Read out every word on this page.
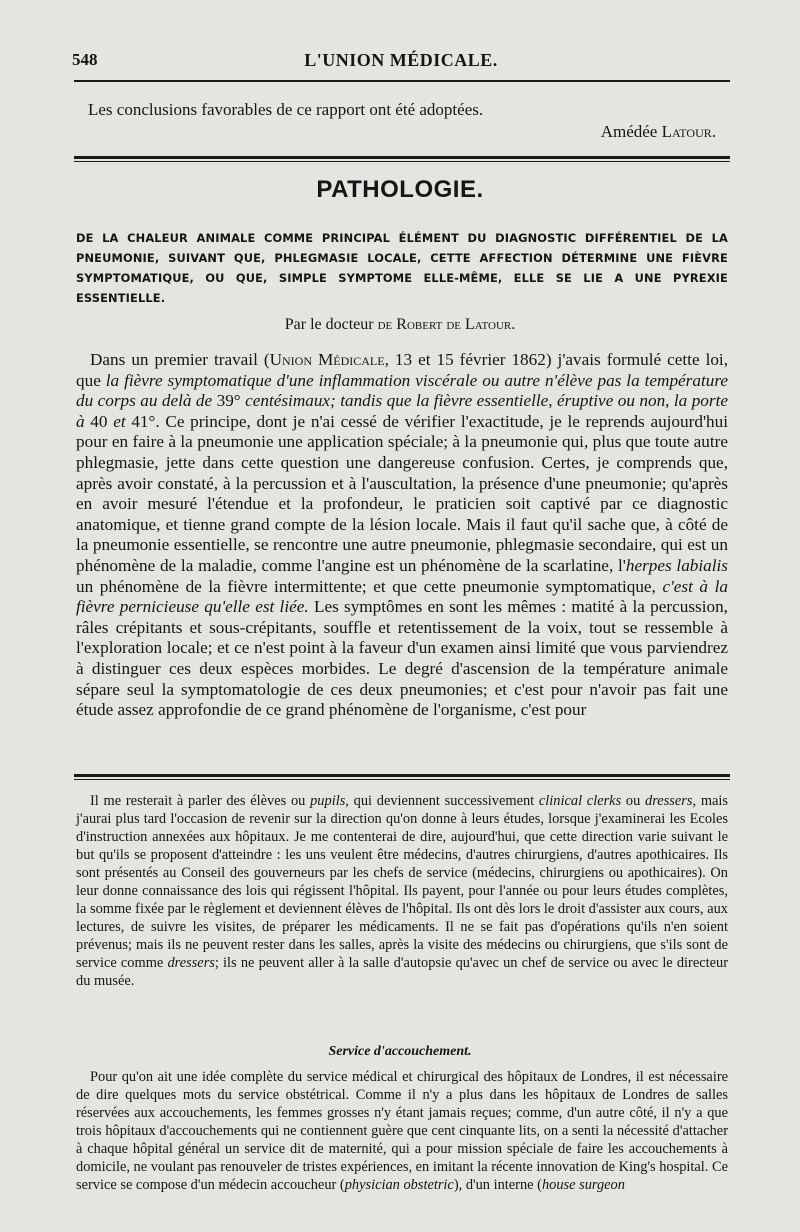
548	L'UNION MÉDICALE.

Les conclusions favorables de ce rapport ont été adoptées.

Amédée Latour.
PATHOLOGIE.

DE LA CHALEUR ANIMALE COMME PRINCIPAL ÉLÉMENT DU DIAGNOSTIC DIFFÉRENTIEL DE LA PNEUMONIE, SUIVANT QUE, PHLEGMASIE LOCALE, CETTE AFFECTION DÉTERMINE UNE FIÈVRE SYMPTOMATIQUE, OU QUE, SIMPLE SYMPTOME ELLE-MÊME, ELLE SE LIE A UNE PYREXIE ESSENTIELLE.

Par le docteur de Robert de Latour.

Dans un premier travail (Union Médicale, 13 et 15 février 1862) j'avais formulé cette loi, que la fièvre symptomatique d'une inflammation viscérale ou autre n'élève pas la température du corps au delà de 39° centésimaux; tandis que la fièvre essentielle, éruptive ou non, la porte à 40 et 41°. Ce principe, dont je n'ai cessé de vérifier l'exactitude, je le reprends aujourd'hui pour en faire à la pneumonie une application spéciale; à la pneumonie qui, plus que toute autre phlegmasie, jette dans cette question une dangereuse confusion. Certes, je comprends que, après avoir constaté, à la percussion et à l'auscultation, la présence d'une pneumonie; qu'après en avoir mesuré l'étendue et la profondeur, le praticien soit captivé par ce diagnostic anatomique, et tienne grand compte de la lésion locale. Mais il faut qu'il sache que, à côté de la pneumonie essentielle, se rencontre une autre pneumonie, phlegmasie secondaire, qui est un phénomène de la maladie, comme l'angine est un phénomène de la scarlatine, l'herpes labialis un phénomène de la fièvre intermittente; et que cette pneumonie symptomatique, c'est à la fièvre pernicieuse qu'elle est liée. Les symptômes en sont les mêmes : matité à la percussion, râles crépitants et sous-crépitants, souffle et retentissement de la voix, tout se ressemble à l'exploration locale; et ce n'est point à la faveur d'un examen ainsi limité que vous parviendrez à distinguer ces deux espèces morbides. Le degré d'ascension de la température animale sépare seul la symptomatologie de ces deux pneumonies; et c'est pour n'avoir pas fait une étude assez approfondie de ce grand phénomène de l'organisme, c'est pour

Il me resterait à parler des élèves ou pupils, qui deviennent successivement clinical clerks ou dressers, mais j'aurai plus tard l'occasion de revenir sur la direction qu'on donne à leurs études, lorsque j'examinerai les Ecoles d'instruction annexées aux hôpitaux. Je me contenterai de dire, aujourd'hui, que cette direction varie suivant le but qu'ils se proposent d'atteindre : les uns veulent être médecins, d'autres chirurgiens, d'autres apothicaires. Ils sont présentés au Conseil des gouverneurs par les chefs de service (médecins, chirurgiens ou apothicaires). On leur donne connaissance des lois qui régissent l'hôpital. Ils payent, pour l'année ou pour leurs études complètes, la somme fixée par le règlement et deviennent élèves de l'hôpital. Ils ont dès lors le droit d'assister aux cours, aux lectures, de suivre les visites, de préparer les médicaments. Il ne se fait pas d'opérations qu'ils n'en soient prévenus; mais ils ne peuvent rester dans les salles, après la visite des médecins ou chirurgiens, que s'ils sont de service comme dressers; ils ne peuvent aller à la salle d'autopsie qu'avec un chef de service ou avec le directeur du musée.

Service d'accouchement.

Pour qu'on ait une idée complète du service médical et chirurgical des hôpitaux de Londres, il est nécessaire de dire quelques mots du service obstétrical. Comme il n'y a plus dans les hôpitaux de Londres de salles réservées aux accouchements, les femmes grosses n'y étant jamais reçues; comme, d'un autre côté, il n'y a que trois hôpitaux d'accouchements qui ne contiennent guère que cent cinquante lits, on a senti la nécessité d'attacher à chaque hôpital général un service dit de maternité, qui a pour mission spéciale de faire les accouchements à domicile, ne voulant pas renouveler de tristes expériences, en imitant la récente innovation de King's hospital. Ce service se compose d'un médecin accoucheur (physician obstetric), d'un interne (house surgeon
